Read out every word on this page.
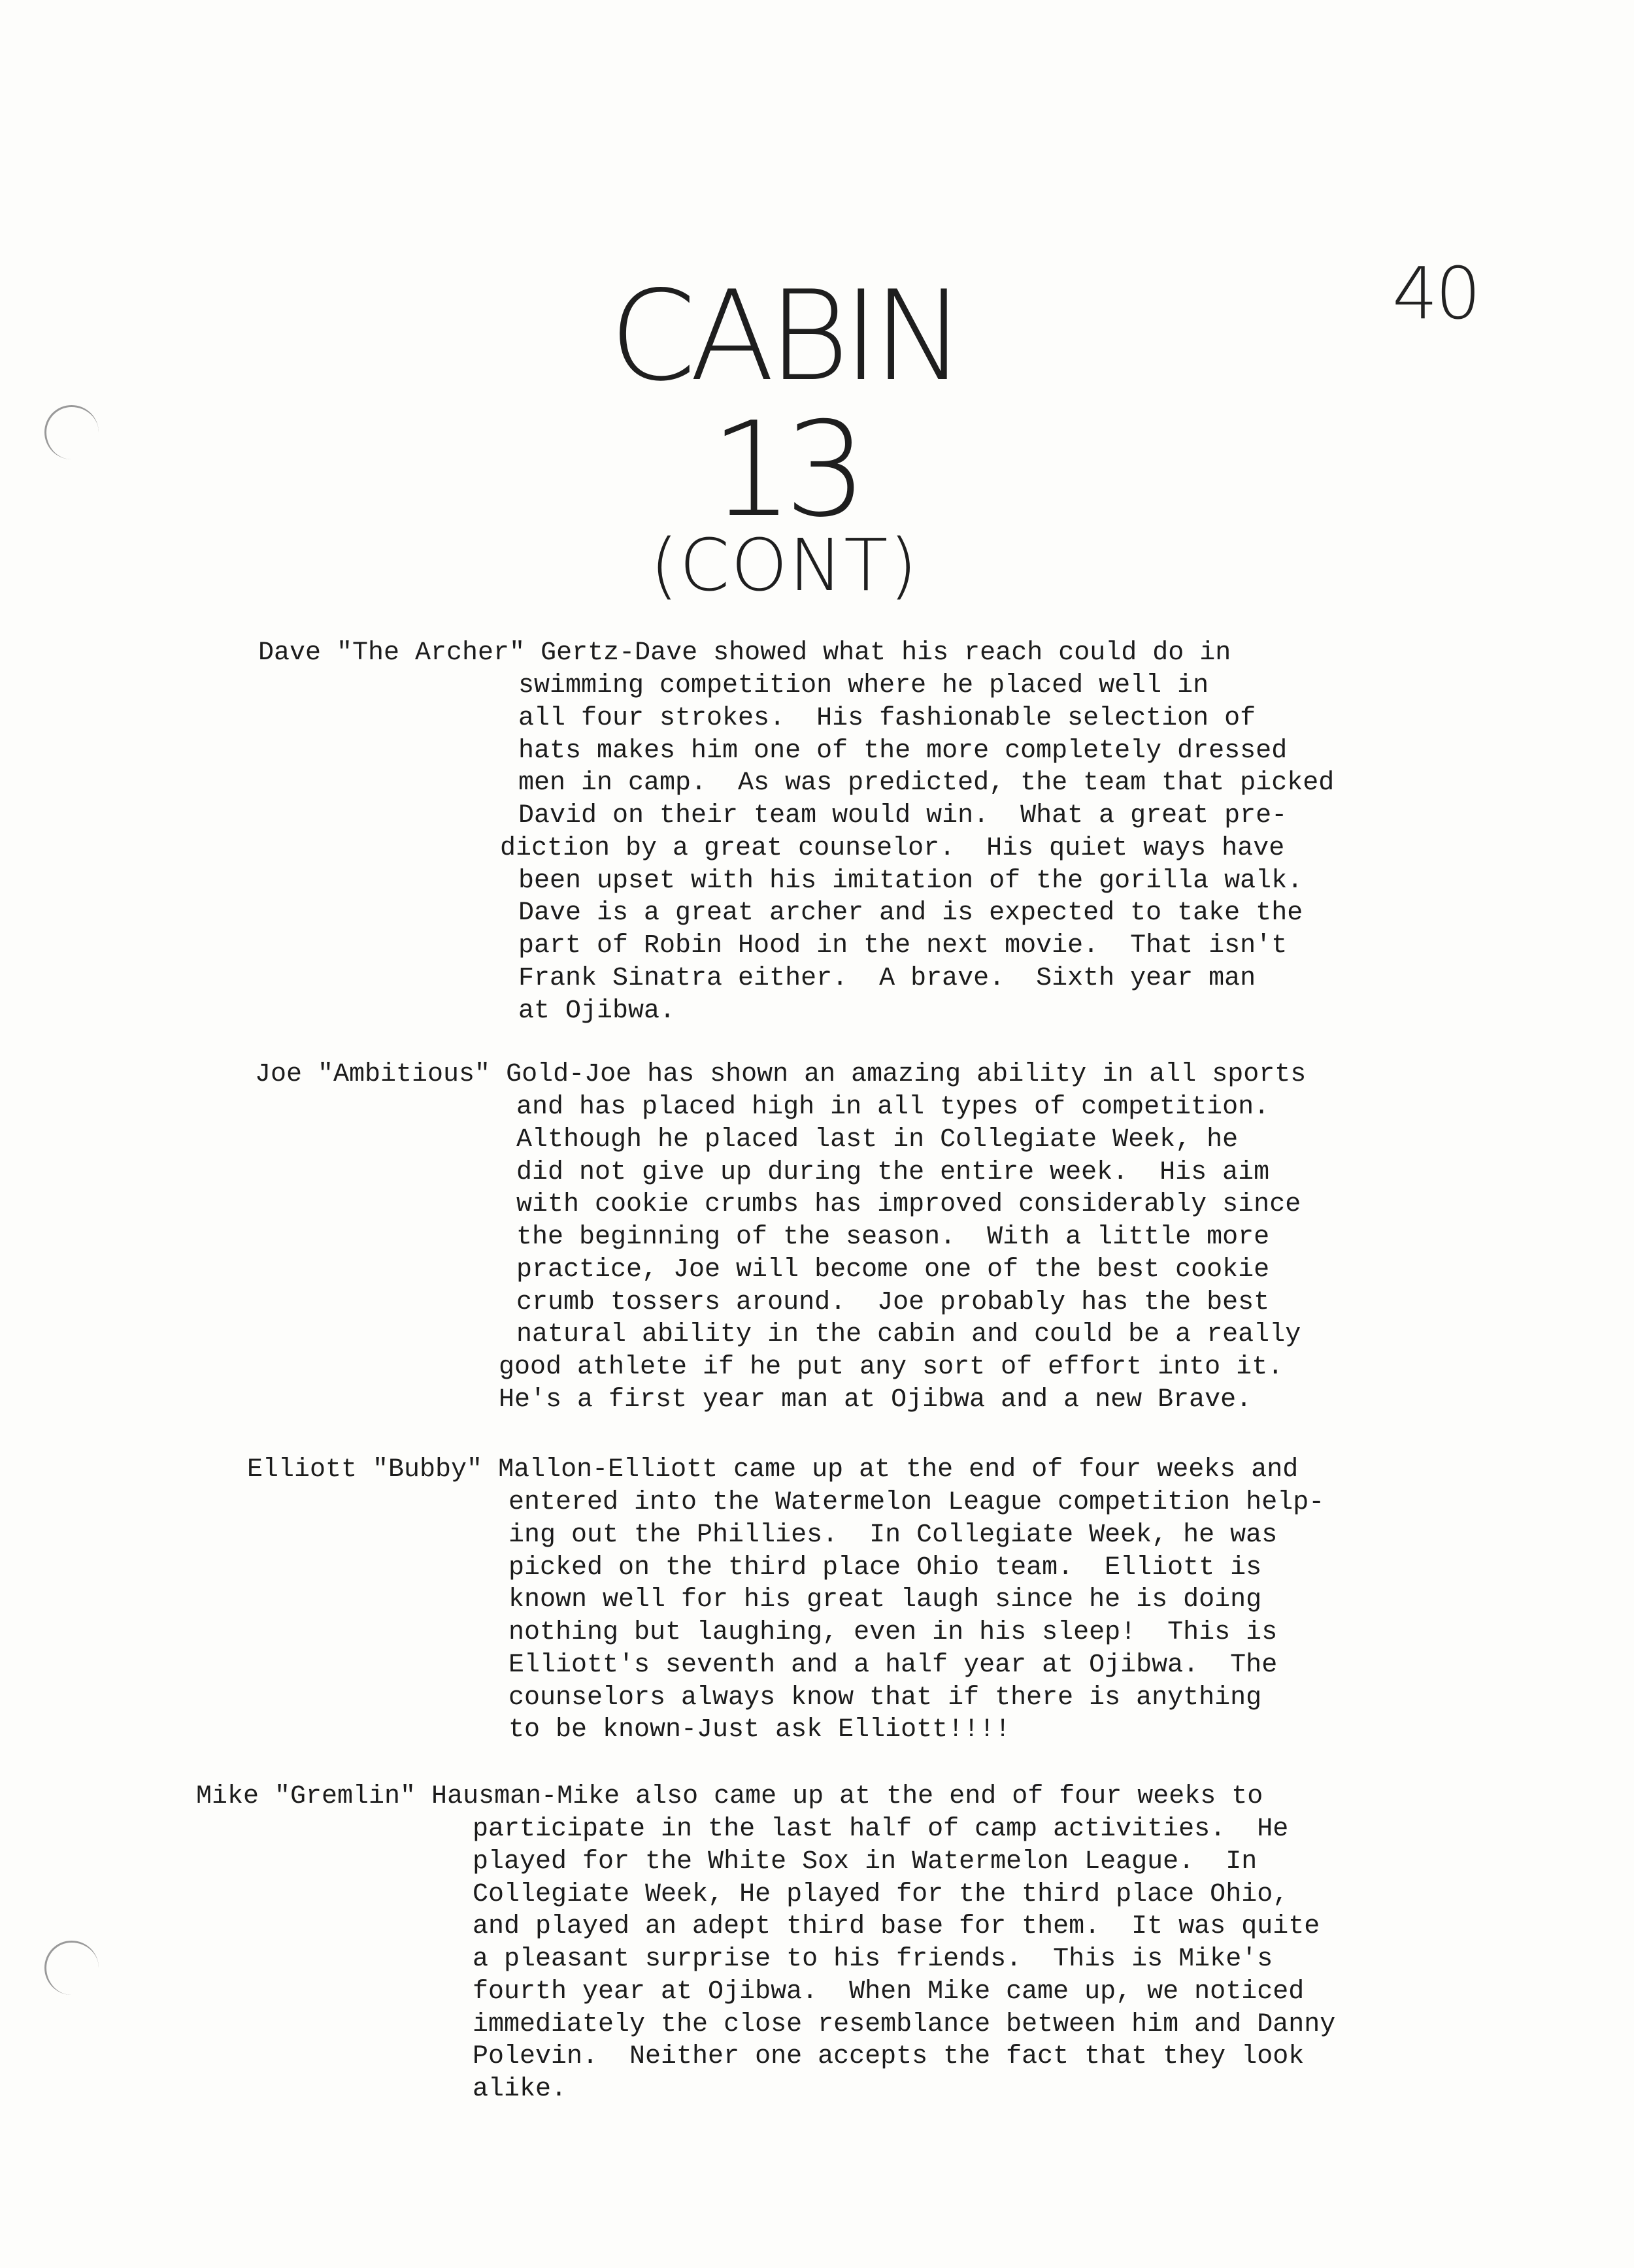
40
CABIN
13
(CONT)

Dave "The Archer" Gertz-Dave showed what his reach could do in

swimming competition where he placed well in

all four strokes.  His fashionable selection of

hats makes him one of the more completely dressed

men in camp.  As was predicted, the team that picked

David on their team would win.  What a great pre-

diction by a great counselor.  His quiet ways have

been upset with his imitation of the gorilla walk.

Dave is a great archer and is expected to take the

part of Robin Hood in the next movie.  That isn't

Frank Sinatra either.  A brave.  Sixth year man

at Ojibwa.

Joe "Ambitious" Gold-Joe has shown an amazing ability in all sports

and has placed high in all types of competition.

Although he placed last in Collegiate Week, he

did not give up during the entire week.  His aim

with cookie crumbs has improved considerably since

the beginning of the season.  With a little more

practice, Joe will become one of the best cookie

crumb tossers around.  Joe probably has the best

natural ability in the cabin and could be a really

good athlete if he put any sort of effort into it.

He's a first year man at Ojibwa and a new Brave.

Elliott "Bubby" Mallon-Elliott came up at the end of four weeks and

entered into the Watermelon League competition help-

ing out the Phillies.  In Collegiate Week, he was

picked on the third place Ohio team.  Elliott is

known well for his great laugh since he is doing

nothing but laughing, even in his sleep!  This is

Elliott's seventh and a half year at Ojibwa.  The

counselors always know that if there is anything

to be known-Just ask Elliott!!!!

Mike "Gremlin" Hausman-Mike also came up at the end of four weeks to

participate in the last half of camp activities.  He

played for the White Sox in Watermelon League.  In

Collegiate Week, He played for the third place Ohio,

and played an adept third base for them.  It was quite

a pleasant surprise to his friends.  This is Mike's

fourth year at Ojibwa.  When Mike came up, we noticed

immediately the close resemblance between him and Danny

Polevin.  Neither one accepts the fact that they look

alike.
